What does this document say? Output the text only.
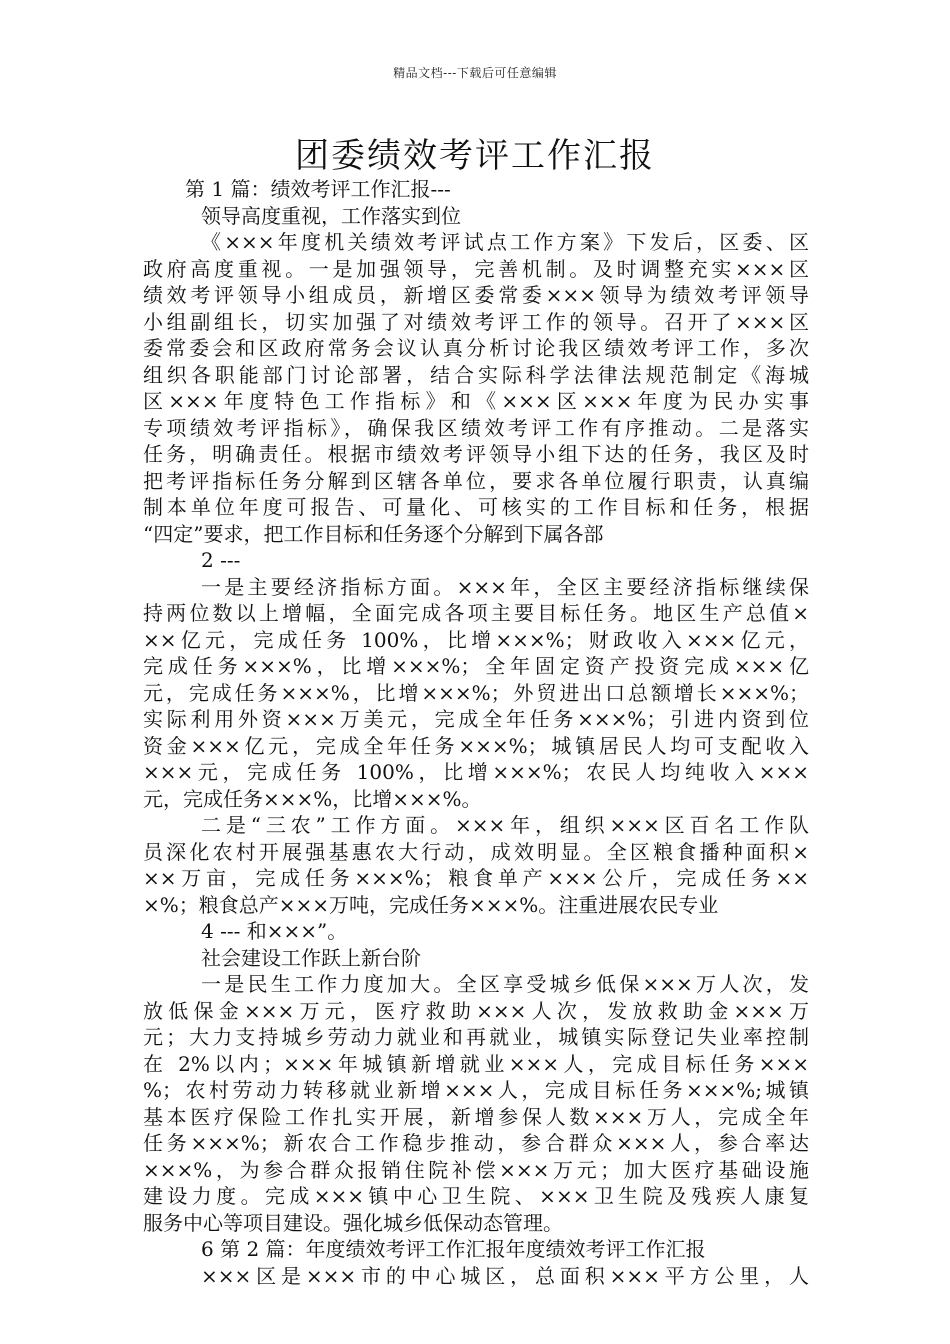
精品文档---下载后可任意编辑
团委绩效考评工作汇报
第 1 篇：绩效考评工作汇报---
领导高度重视，工作落实到位
《×××年度机关绩效考评试点工作方案》下发后，区委、区
政府高度重视。一是加强领导，完善机制。及时调整充实×××区
绩效考评领导小组成员，新增区委常委×××领导为绩效考评领导
小组副组长，切实加强了对绩效考评工作的领导。召开了×××区
委常委会和区政府常务会议认真分析讨论我区绩效考评工作，多次
组织各职能部门讨论部署，结合实际科学法律法规范制定《海城
区×××年度特色工作指标》和《×××区×××年度为民办实事
专项绩效考评指标》，确保我区绩效考评工作有序推动。二是落实
任务，明确责任。根据市绩效考评领导小组下达的任务，我区及时
把考评指标任务分解到区辖各单位，要求各单位履行职责，认真编
制本单位年度可报告、可量化、可核实的工作目标和任务，根据
“四定”要求，把工作目标和任务逐个分解到下属各部
2 ---
一是主要经济指标方面。×××年，全区主要经济指标继续保
持两位数以上增幅，全面完成各项主要目标任务。地区生产总值×
××亿元，完成任务 100%，比增×××%；财政收入×××亿元，
完成任务×××%，比增×××%；全年固定资产投资完成×××亿
元，完成任务×××%，比增×××%；外贸进出口总额增长×××%；
实际利用外资×××万美元，完成全年任务×××%；引进内资到位
资金×××亿元，完成全年任务×××%；城镇居民人均可支配收入
×××元，完成任务 100%，比增×××%；农民人均纯收入×××
元，完成任务×××%，比增×××%。
二是“三农”工作方面。×××年，组织×××区百名工作队
员深化农村开展强基惠农大行动，成效明显。全区粮食播种面积×
××万亩，完成任务×××%；粮食单产×××公斤，完成任务××
×%；粮食总产×××万吨，完成任务×××%。注重进展农民专业
4 --- 和×××”。
社会建设工作跃上新台阶
一是民生工作力度加大。全区享受城乡低保×××万人次，发
放低保金×××万元，医疗救助×××人次，发放救助金×××万
元；大力支持城乡劳动力就业和再就业，城镇实际登记失业率控制
在 2%以内；×××年城镇新增就业×××人，完成目标任务×××
%；农村劳动力转移就业新增×××人，完成目标任务×××%;城镇
基本医疗保险工作扎实开展，新增参保人数×××万人，完成全年
任务×××%；新农合工作稳步推动，参合群众×××人，参合率达
×××%，为参合群众报销住院补偿×××万元；加大医疗基础设施
建设力度。完成×××镇中心卫生院、×××卫生院及残疾人康复
服务中心等项目建设。强化城乡低保动态管理。
6 第 2 篇：年度绩效考评工作汇报年度绩效考评工作汇报
×××区是×××市的中心城区，总面积×××平方公里，人
